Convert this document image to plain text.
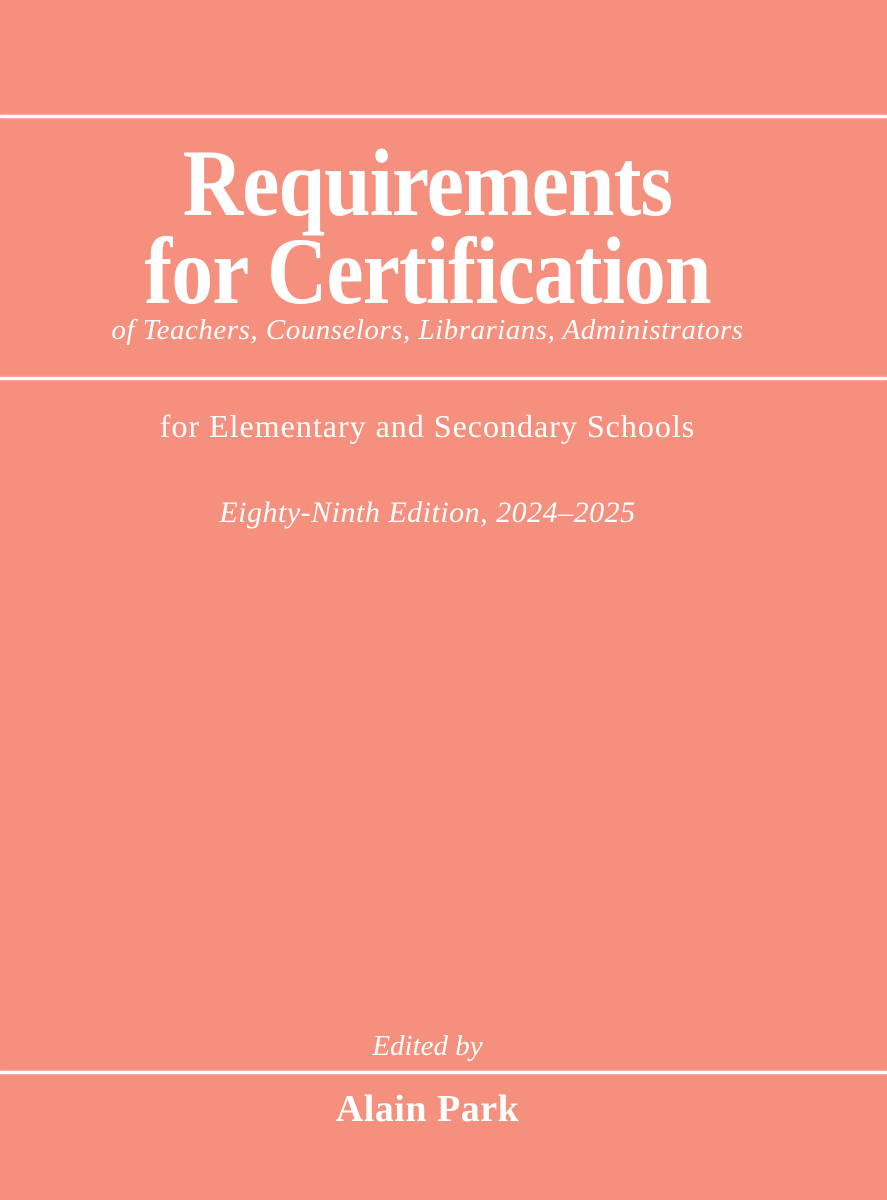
Requirements
for Certification
of Teachers, Counselors, Librarians, Administrators
for Elementary and Secondary Schools
Eighty-Ninth Edition, 2024–2025
Edited by
Alain Park
